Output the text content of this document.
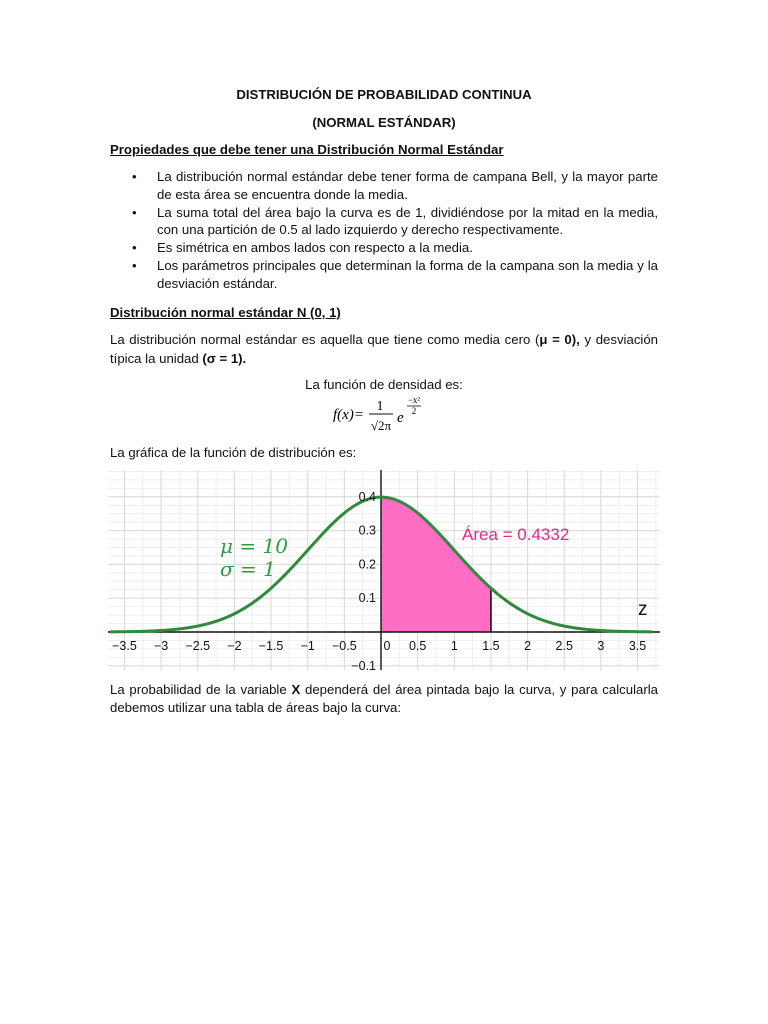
DISTRIBUCIÓN DE PROBABILIDAD CONTINUA
(NORMAL ESTÁNDAR)
Propiedades que debe tener una Distribución Normal Estándar
• La distribución normal estándar debe tener forma de campana Bell, y la mayor parte de esta área se encuentra donde la media.
• La suma total del área bajo la curva es de 1, dividiéndose por la mitad en la media, con una partición de 0.5 al lado izquierdo y derecho respectivamente.
• Es simétrica en ambos lados con respecto a la media.
• Los parámetros principales que determinan la forma de la campana son la media y la desviación estándar.
Distribución normal estándar N (0, 1)
La distribución normal estándar es aquella que tiene como media cero (μ = 0), y desviación típica la unidad (σ = 1).
La función de densidad es:
f(x)=
1
√2π e
−x²
2
La gráfica de la función de distribución es:
−3.5 −3 −2.5 −2 −1.5 −1 −0.5 0 0.5 1 1.5 2 2.5 3 3.5
−0.1
0.1
0.2
0.3
0.4
μ = 10
σ = 1
Área = 0.4332
z
La probabilidad de la variable X dependerá del área pintada bajo la curva, y para calcularla debemos utilizar una tabla de áreas bajo la curva:
